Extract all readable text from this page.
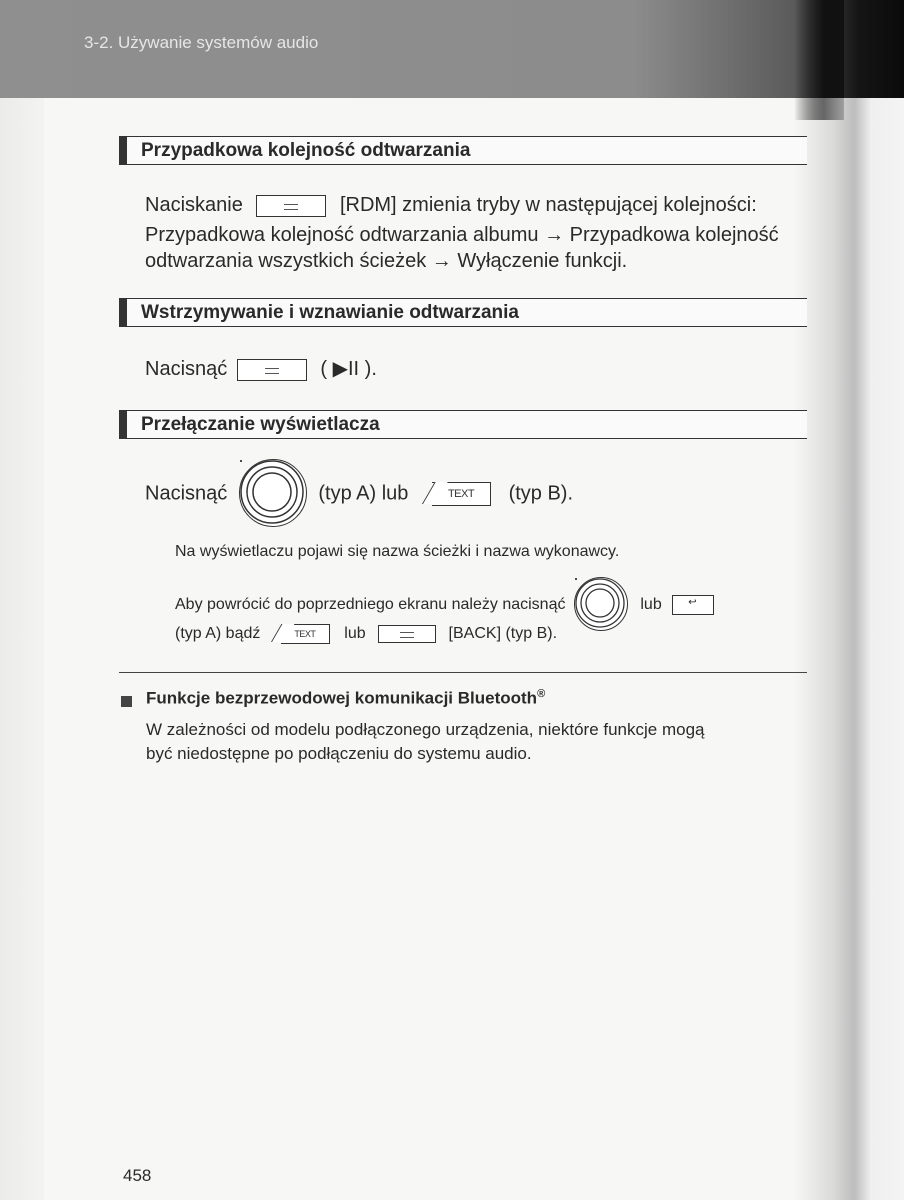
3-2. Używanie systemów audio
Przypadkowa kolejność odtwarzania
Naciskanie	[RDM] zmienia tryby w następującej kolejności:
Przypadkowa kolejność odtwarzania albumu → Przypadkowa kolejność
odtwarzania wszystkich ścieżek → Wyłączenie funkcji.
Wstrzymywanie i wznawianie odtwarzania
Nacisnąć	( ▶II ).
Przełączanie wyświetlacza
Nacisnąć	(typ A) lub	TEXT (typ B).
Na wyświetlaczu pojawi się nazwa ścieżki i nazwa wykonawcy.
Aby powrócić do poprzedniego ekranu należy nacisnąć	lub	↩
(typ A) bądź	TEXT lub	[BACK] (typ B).
Funkcje bezprzewodowej komunikacji Bluetooth®
W zależności od modelu podłączonego urządzenia, niektóre funkcje mogą
być niedostępne po podłączeniu do systemu audio.
458
